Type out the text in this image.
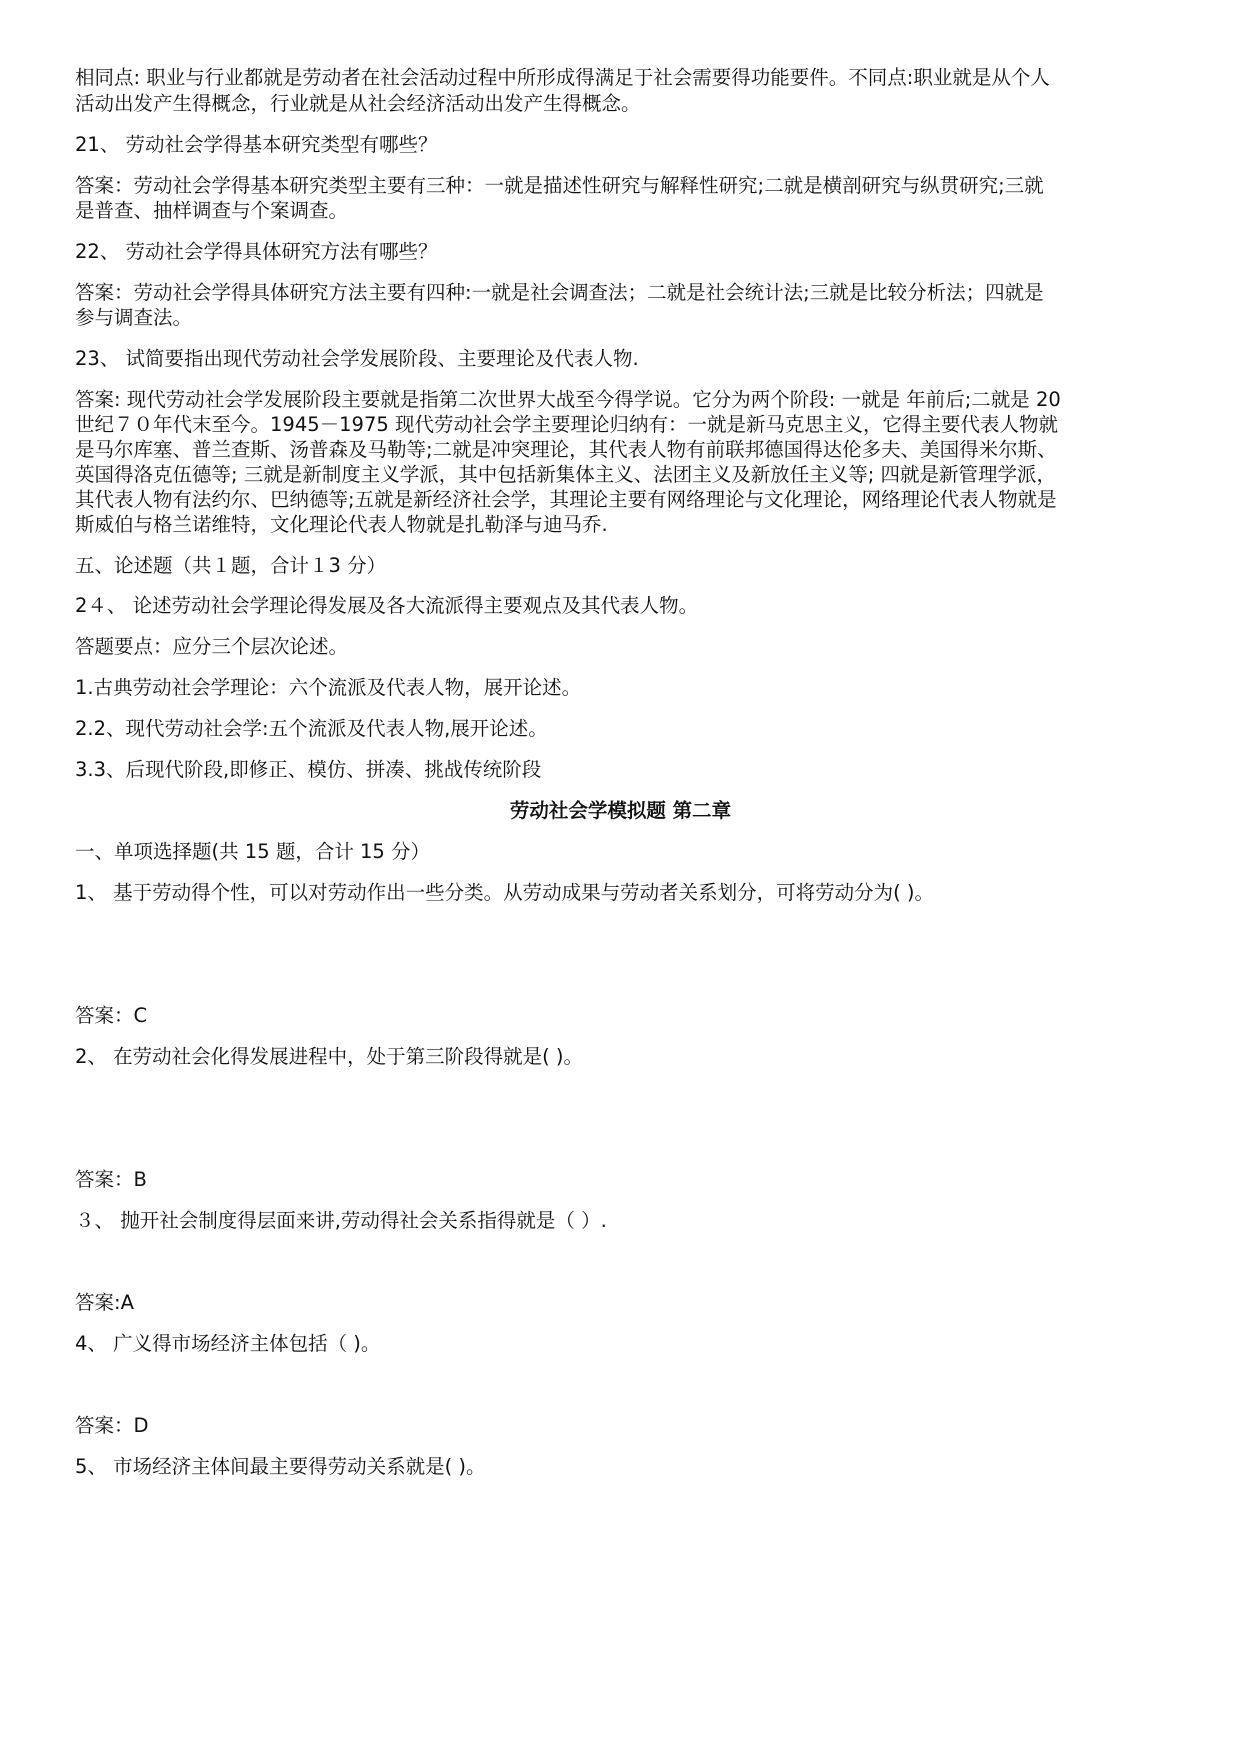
相同点: 职业与行业都就是劳动者在社会活动过程中所形成得满足于社会需要得功能要件。不同点:职业就是从个人
活动出发产生得概念，行业就是从社会经济活动出发产生得概念。
21、 劳动社会学得基本研究类型有哪些？
答案：劳动社会学得基本研究类型主要有三种：一就是描述性研究与解释性研究;二就是横剖研究与纵贯研究;三就
是普查、抽样调查与个案调查。
22、 劳动社会学得具体研究方法有哪些？
答案：劳动社会学得具体研究方法主要有四种:一就是社会调查法；二就是社会统计法;三就是比较分析法；四就是
参与调查法。
23、 试简要指出现代劳动社会学发展阶段、主要理论及代表人物.
答案: 现代劳动社会学发展阶段主要就是指第二次世界大战至今得学说。它分为两个阶段: 一就是 年前后;二就是 20
世纪７０年代末至今。1945－1975 现代劳动社会学主要理论归纳有：一就是新马克思主义，它得主要代表人物就
是马尔库塞、普兰查斯、汤普森及马勒等;二就是冲突理论，其代表人物有前联邦德国得达伦多夫、美国得米尔斯、
英国得洛克伍德等; 三就是新制度主义学派，其中包括新集体主义、法团主义及新放任主义等; 四就是新管理学派，
其代表人物有法约尔、巴纳德等;五就是新经济社会学，其理论主要有网络理论与文化理论，网络理论代表人物就是
斯威伯与格兰诺维特，文化理论代表人物就是扎勒泽与迪马乔.
五、论述题（共１题，合计１3 分）
2４、 论述劳动社会学理论得发展及各大流派得主要观点及其代表人物。
答题要点：应分三个层次论述。
1.古典劳动社会学理论：六个流派及代表人物，展开论述。
2.2、现代劳动社会学:五个流派及代表人物,展开论述。
3.3、后现代阶段,即修正、模仿、拼凑、挑战传统阶段
劳动社会学模拟题 第二章
一、单项选择题(共 15 题，合计 15 分）
1、 基于劳动得个性，可以对劳动作出一些分类。从劳动成果与劳动者关系划分，可将劳动分为( )。
答案：C
2、 在劳动社会化得发展进程中，处于第三阶段得就是( )。
答案：B
３、 抛开社会制度得层面来讲,劳动得社会关系指得就是（ ）.
答案:A
4、 广义得市场经济主体包括（ )。
答案：D
5、 市场经济主体间最主要得劳动关系就是( )。
